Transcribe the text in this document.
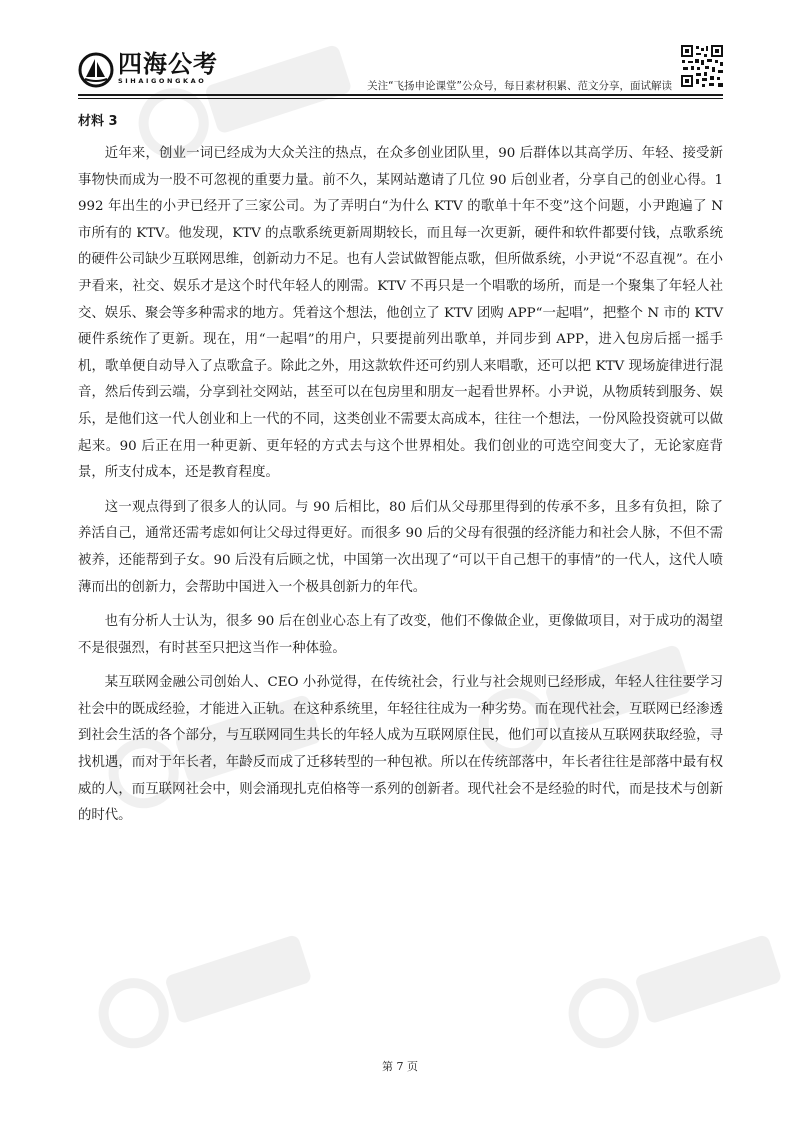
四海公考
SIHAIGONGKAO	关注“飞扬申论课堂”公众号，每日素材积累、范文分享，面试解读
材料 3

近年来，创业一词已经成为大众关注的热点，在众多创业团队里，90 后群体以其高学历、年轻、接受新事物快而成为一股不可忽视的重要力量。前不久，某网站邀请了几位 90 后创业者，分享自己的创业心得。1992 年出生的小尹已经开了三家公司。为了弄明白“为什么 KTV 的歌单十年不变”这个问题，小尹跑遍了 N 市所有的 KTV。他发现，KTV 的点歌系统更新周期较长，而且每一次更新，硬件和软件都要付钱，点歌系统的硬件公司缺少互联网思维，创新动力不足。也有人尝试做智能点歌，但所做系统，小尹说“不忍直视”。在小尹看来，社交、娱乐才是这个时代年轻人的刚需。KTV 不再只是一个唱歌的场所，而是一个聚集了年轻人社交、娱乐、聚会等多种需求的地方。凭着这个想法，他创立了 KTV 团购 APP“一起唱”，把整个 N 市的 KTV 硬件系统作了更新。现在，用“一起唱”的用户，只要提前列出歌单，并同步到 APP，进入包房后摇一摇手机，歌单便自动导入了点歌盒子。除此之外，用这款软件还可约别人来唱歌，还可以把 KTV 现场旋律进行混音，然后传到云端，分享到社交网站，甚至可以在包房里和朋友一起看世界杯。小尹说，从物质转到服务、娱乐，是他们这一代人创业和上一代的不同，这类创业不需要太高成本，往往一个想法，一份风险投资就可以做起来。90 后正在用一种更新、更年轻的方式去与这个世界相处。我们创业的可选空间变大了，无论家庭背景，所支付成本，还是教育程度。

这一观点得到了很多人的认同。与 90 后相比，80 后们从父母那里得到的传承不多，且多有负担，除了养活自己，通常还需考虑如何让父母过得更好。而很多 90 后的父母有很强的经济能力和社会人脉，不但不需被养，还能帮到子女。90 后没有后顾之忧，中国第一次出现了“可以干自己想干的事情”的一代人，这代人喷薄而出的创新力，会帮助中国进入一个极具创新力的年代。

也有分析人士认为，很多 90 后在创业心态上有了改变，他们不像做企业，更像做项目，对于成功的渴望不是很强烈，有时甚至只把这当作一种体验。

某互联网金融公司创始人、CEO 小孙觉得，在传统社会，行业与社会规则已经形成，年轻人往往要学习社会中的既成经验，才能进入正轨。在这种系统里，年轻往往成为一种劣势。而在现代社会，互联网已经渗透到社会生活的各个部分，与互联网同生共长的年轻人成为互联网原住民，他们可以直接从互联网获取经验，寻找机遇，而对于年长者，年龄反而成了迁移转型的一种包袱。所以在传统部落中，年长者往往是部落中最有权威的人，而互联网社会中，则会涌现扎克伯格等一系列的创新者。现代社会不是经验的时代，而是技术与创新的时代。

第 7 页
